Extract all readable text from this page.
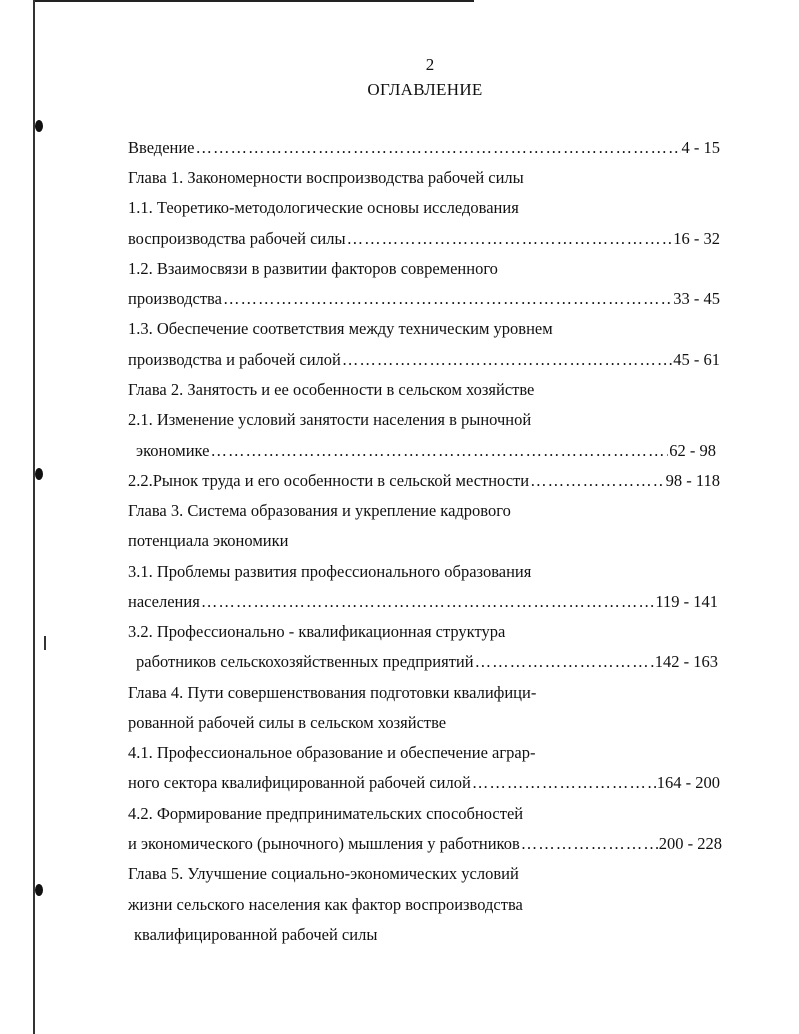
2
ОГЛАВЛЕНИЕ
Введение ……………………………………………………………………………………………………………………………………	4 - 15
Глава 1. Закономерности воспроизводства рабочей силы
1.1. Теоретико-методологические основы исследования
воспроизводства рабочей силы ……………………………………………………………………………………………………………………………………	16 - 32
1.2. Взаимосвязи в развитии факторов современного
производства ……………………………………………………………………………………………………………………………………	33 - 45
1.3. Обеспечение соответствия между техническим уровнем
производства и рабочей силой ……………………………………………………………………………………………………………………………………	45 - 61
Глава 2. Занятость и ее особенности в сельском хозяйстве
2.1. Изменение условий занятости населения в рыночной
экономике ……………………………………………………………………………………………………………………………………	62 - 98
2.2.Рынок труда и его особенности в сельской местности ……………………………………………………………………………………………………………………………………	98 - 118
Глава 3. Система образования и укрепление кадрового
потенциала экономики
3.1. Проблемы развития профессионального образования
населения ……………………………………………………………………………………………………………………………………	119 - 141
3.2. Профессионально - квалификационная структура
работников сельскохозяйственных предприятий ……………………………………………………………………………………………………………………………………	142 - 163
Глава 4. Пути совершенствования подготовки квалифици-
рованной рабочей силы в сельском хозяйстве
4.1. Профессиональное образование и обеспечение аграр-
ного сектора квалифицированной рабочей силой ……………………………………………………………………………………………………………………………………	164 - 200
4.2. Формирование предпринимательских способностей
и экономического (рыночного) мышления у работников ……………………………………………………………………………………………………………………………………	200 - 228
Глава 5. Улучшение социально-экономических условий
жизни сельского населения как фактор воспроизводства
квалифицированной рабочей силы
